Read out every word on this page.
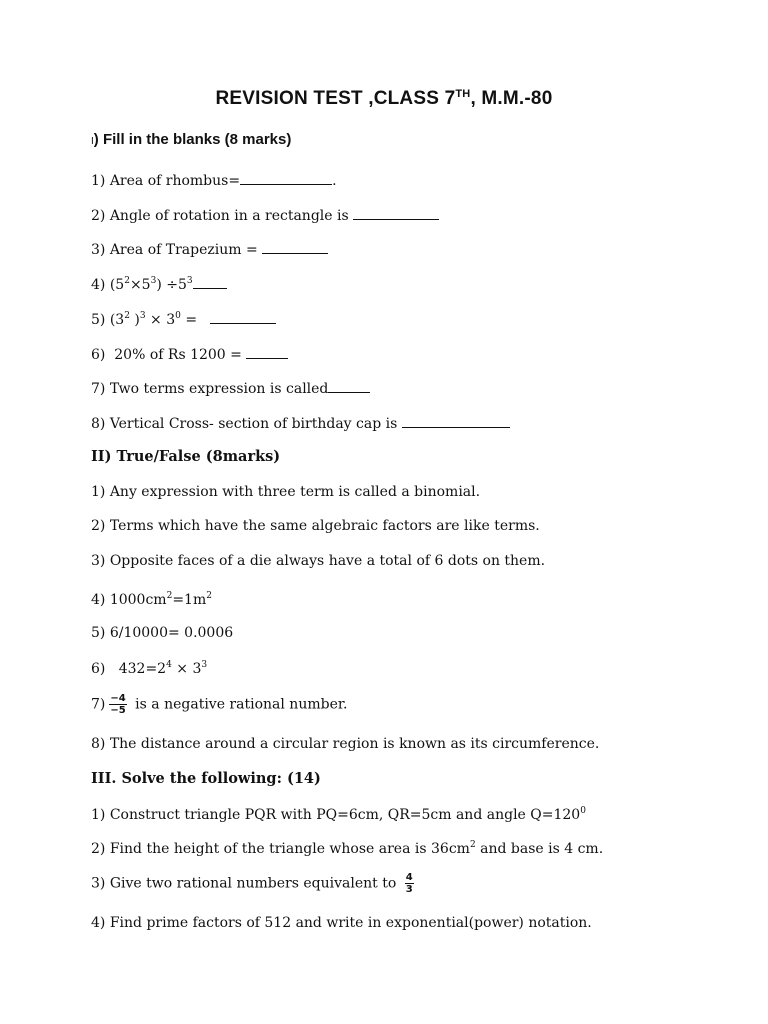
REVISION TEST ,CLASS 7TH, M.M.-80
I) Fill in the blanks (8 marks)
1) Area of rhombus=	.
2) Angle of rotation in a rectangle is
3) Area of Trapezium =
4) $(5^2\times 5^3) \div 5^3$
5) ($3^2$ )$^3 \times 3^0$ =
6)  20% of Rs 1200 =
7) Two terms expression is called
8) Vertical Cross- section of birthday cap is
II) True/False (8marks)
1) Any expression with three term is called a binomial.
2) Terms which have the same algebraic factors are like terms.
3) Opposite faces of a die always have a total of 6 dots on them.
4) $1000cm^2=1m^2$
5) 6/10000= 0.0006
6)   $432=2^4 \times 3^3$
$7) \frac{-4}{-5}$ is a negative rational number.
8) The distance around a circular region is known as its circumference.
III. Solve the following: (14)
1) Construct triangle PQR with PQ=6cm, QR=5cm and angle $Q=120^0$
2) Find the height of the triangle whose area is $36cm^2$ and base is 4 cm.
3) Give two rational numbers equivalent to $\frac{4}{3}$
4) Find prime factors of 512 and write in exponential(power) notation.
